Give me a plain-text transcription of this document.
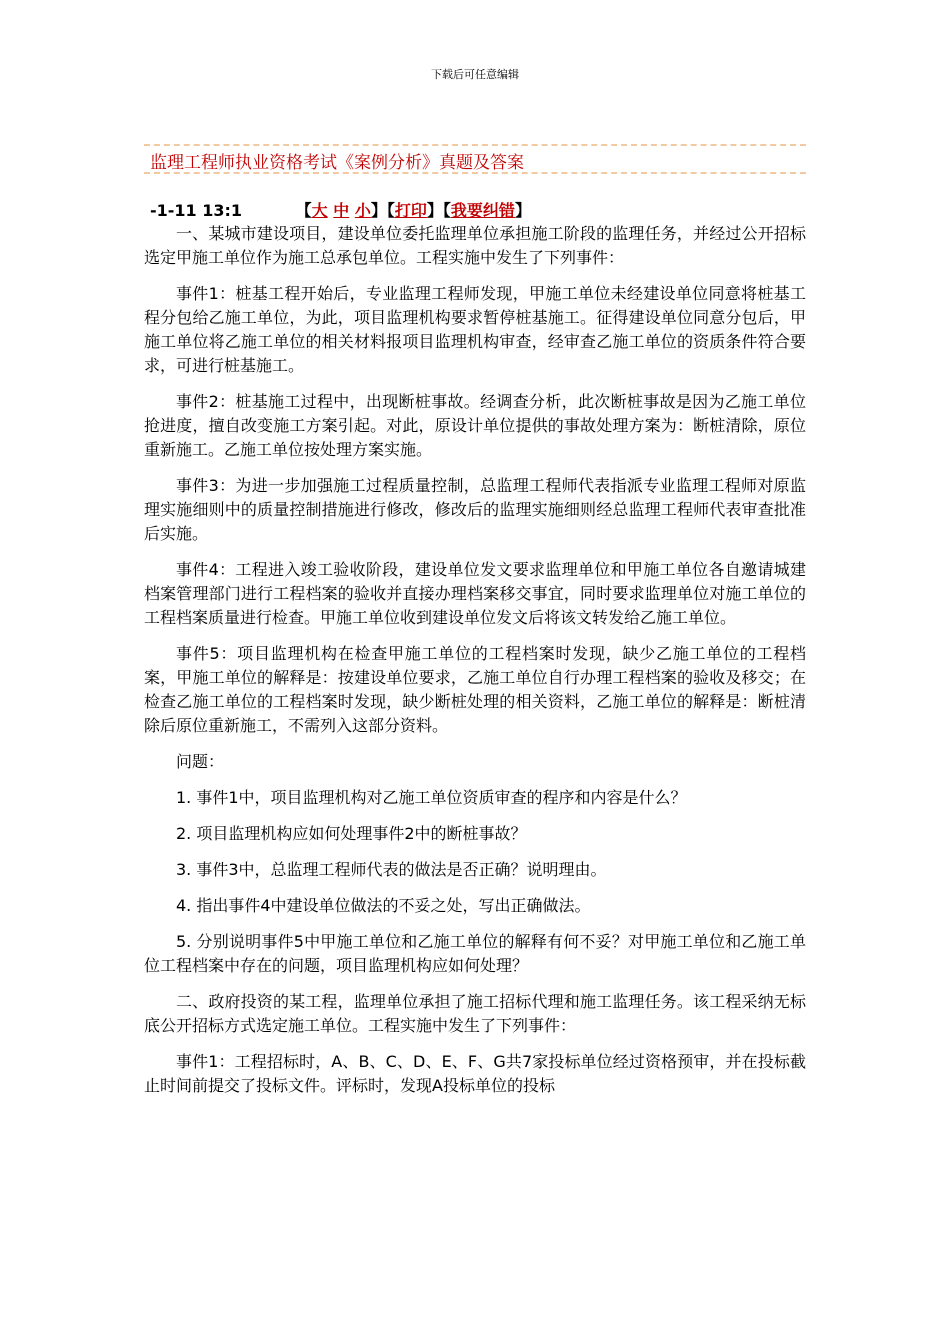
下载后可任意编辑
监理工程师执业资格考试《案例分析》真题及答案
-1-11 13:1	【大 中 小】【打印】【我要纠错】

一、某城市建设项目，建设单位委托监理单位承担施工阶段的监理任务，并经过公开招标选定甲施工单位作为施工总承包单位。工程实施中发生了下列事件：

事件1：桩基工程开始后，专业监理工程师发现，甲施工单位未经建设单位同意将桩基工程分包给乙施工单位，为此，项目监理机构要求暂停桩基施工。征得建设单位同意分包后，甲施工单位将乙施工单位的相关材料报项目监理机构审查，经审查乙施工单位的资质条件符合要求，可进行桩基施工。

事件2：桩基施工过程中，出现断桩事故。经调查分析，此次断桩事故是因为乙施工单位抢进度，擅自改变施工方案引起。对此，原设计单位提供的事故处理方案为：断桩清除，原位重新施工。乙施工单位按处理方案实施。

事件3：为进一步加强施工过程质量控制，总监理工程师代表指派专业监理工程师对原监理实施细则中的质量控制措施进行修改，修改后的监理实施细则经总监理工程师代表审查批准后实施。

事件4：工程进入竣工验收阶段，建设单位发文要求监理单位和甲施工单位各自邀请城建档案管理部门进行工程档案的验收并直接办理档案移交事宜，同时要求监理单位对施工单位的工程档案质量进行检查。甲施工单位收到建设单位发文后将该文转发给乙施工单位。

事件5：项目监理机构在检查甲施工单位的工程档案时发现，缺少乙施工单位的工程档案，甲施工单位的解释是：按建设单位要求，乙施工单位自行办理工程档案的验收及移交；在检查乙施工单位的工程档案时发现，缺少断桩处理的相关资料，乙施工单位的解释是：断桩清除后原位重新施工，不需列入这部分资料。

问题：

1. 事件1中，项目监理机构对乙施工单位资质审查的程序和内容是什么？

2. 项目监理机构应如何处理事件2中的断桩事故？

3. 事件3中，总监理工程师代表的做法是否正确？说明理由。

4. 指出事件4中建设单位做法的不妥之处，写出正确做法。

5. 分别说明事件5中甲施工单位和乙施工单位的解释有何不妥？对甲施工单位和乙施工单位工程档案中存在的问题，项目监理机构应如何处理？

二、政府投资的某工程，监理单位承担了施工招标代理和施工监理任务。该工程采纳无标底公开招标方式选定施工单位。工程实施中发生了下列事件：

事件1：工程招标时，A、B、C、D、E、F、G共7家投标单位经过资格预审，并在投标截止时间前提交了投标文件。评标时，发现A投标单位的投标
